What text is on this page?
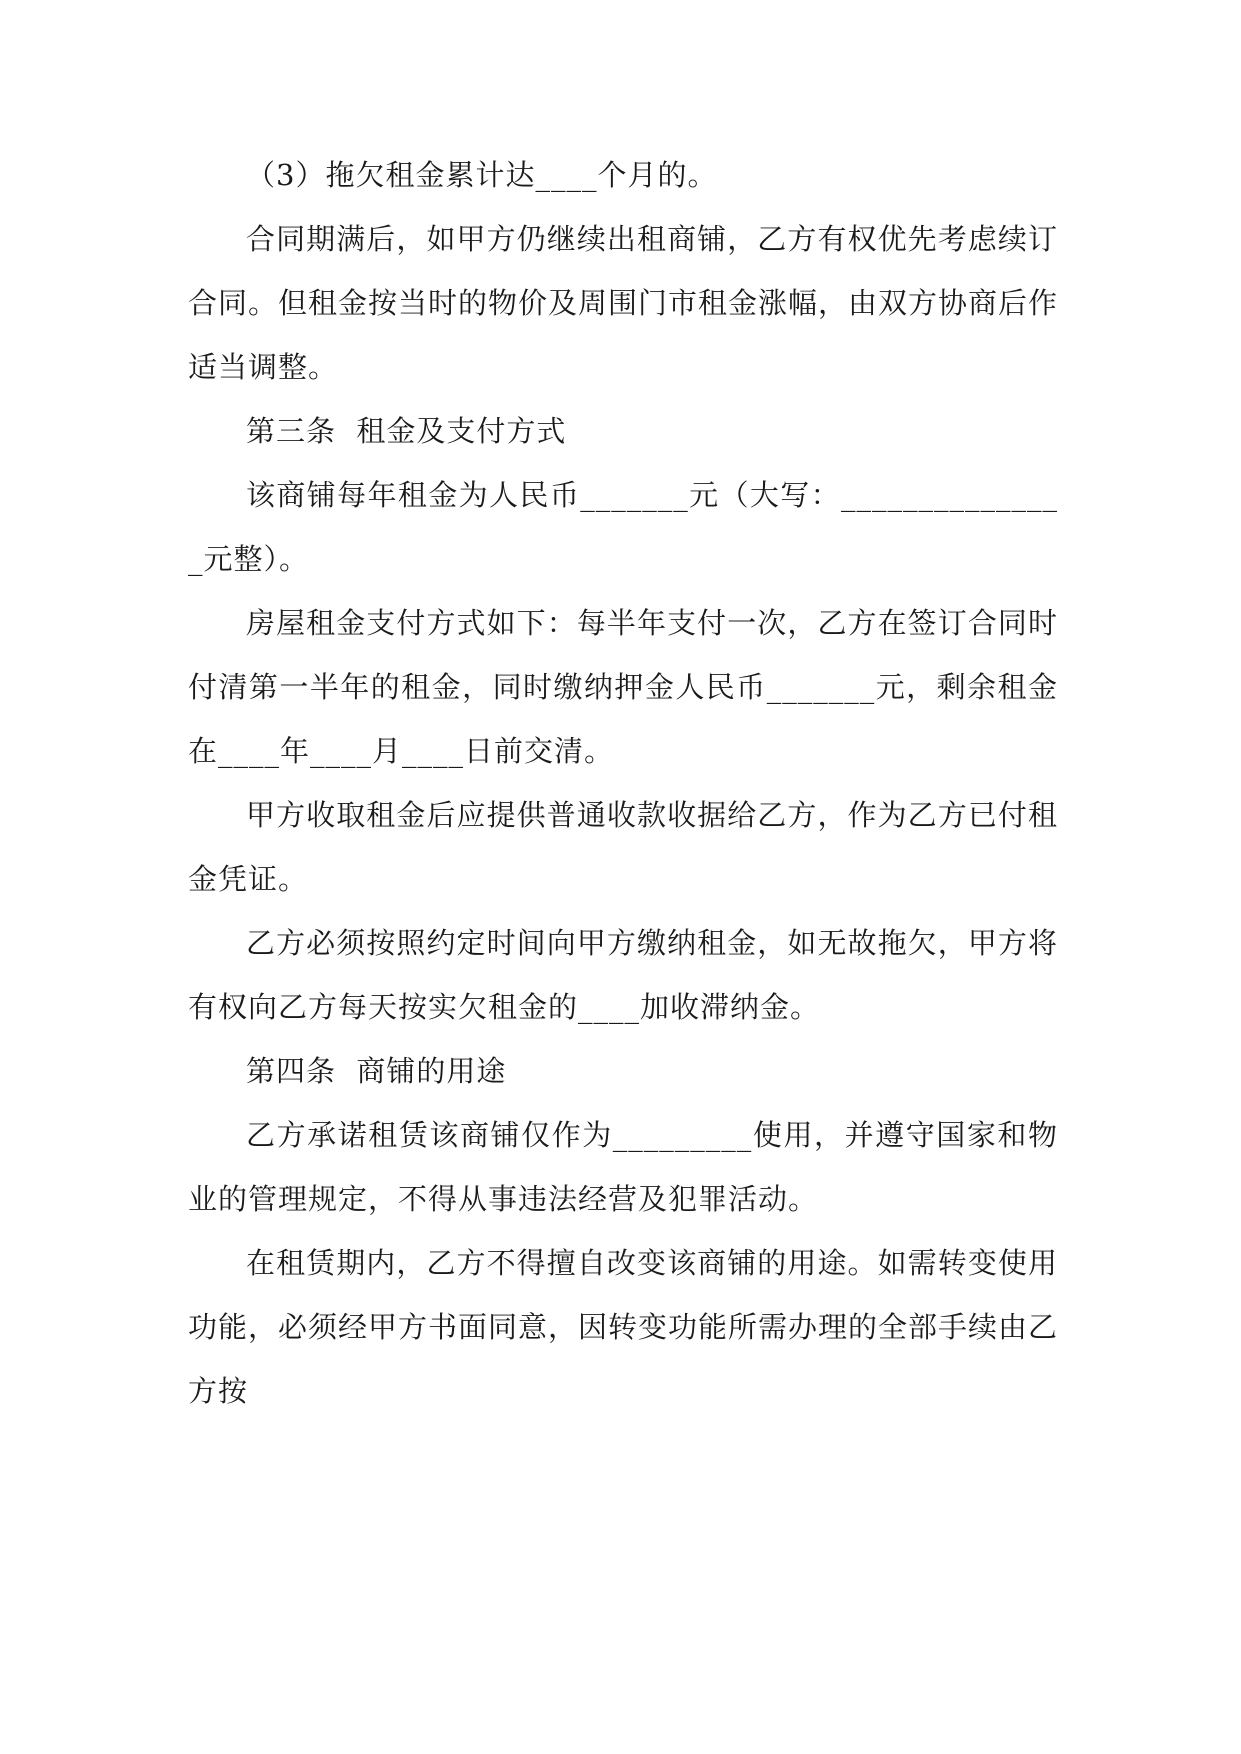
（3）拖欠租金累计达____个月的。

合同期满后，如甲方仍继续出租商铺，乙方有权优先考虑续订合同。但租金按当时的物价及周围门市租金涨幅，由双方协商后作适当调整。

第三条  租金及支付方式

该商铺每年租金为人民币_______元（大写：_______________元整）。

房屋租金支付方式如下：每半年支付一次，乙方在签订合同时付清第一半年的租金，同时缴纳押金人民币_______元，剩余租金在____年____月____日前交清。

甲方收取租金后应提供普通收款收据给乙方，作为乙方已付租金凭证。

乙方必须按照约定时间向甲方缴纳租金，如无故拖欠，甲方将有权向乙方每天按实欠租金的____加收滞纳金。

第四条  商铺的用途

乙方承诺租赁该商铺仅作为_________使用，并遵守国家和物业的管理规定，不得从事违法经营及犯罪活动。

在租赁期内，乙方不得擅自改变该商铺的用途。如需转变使用功能，必须经甲方书面同意，因转变功能所需办理的全部手续由乙方按
